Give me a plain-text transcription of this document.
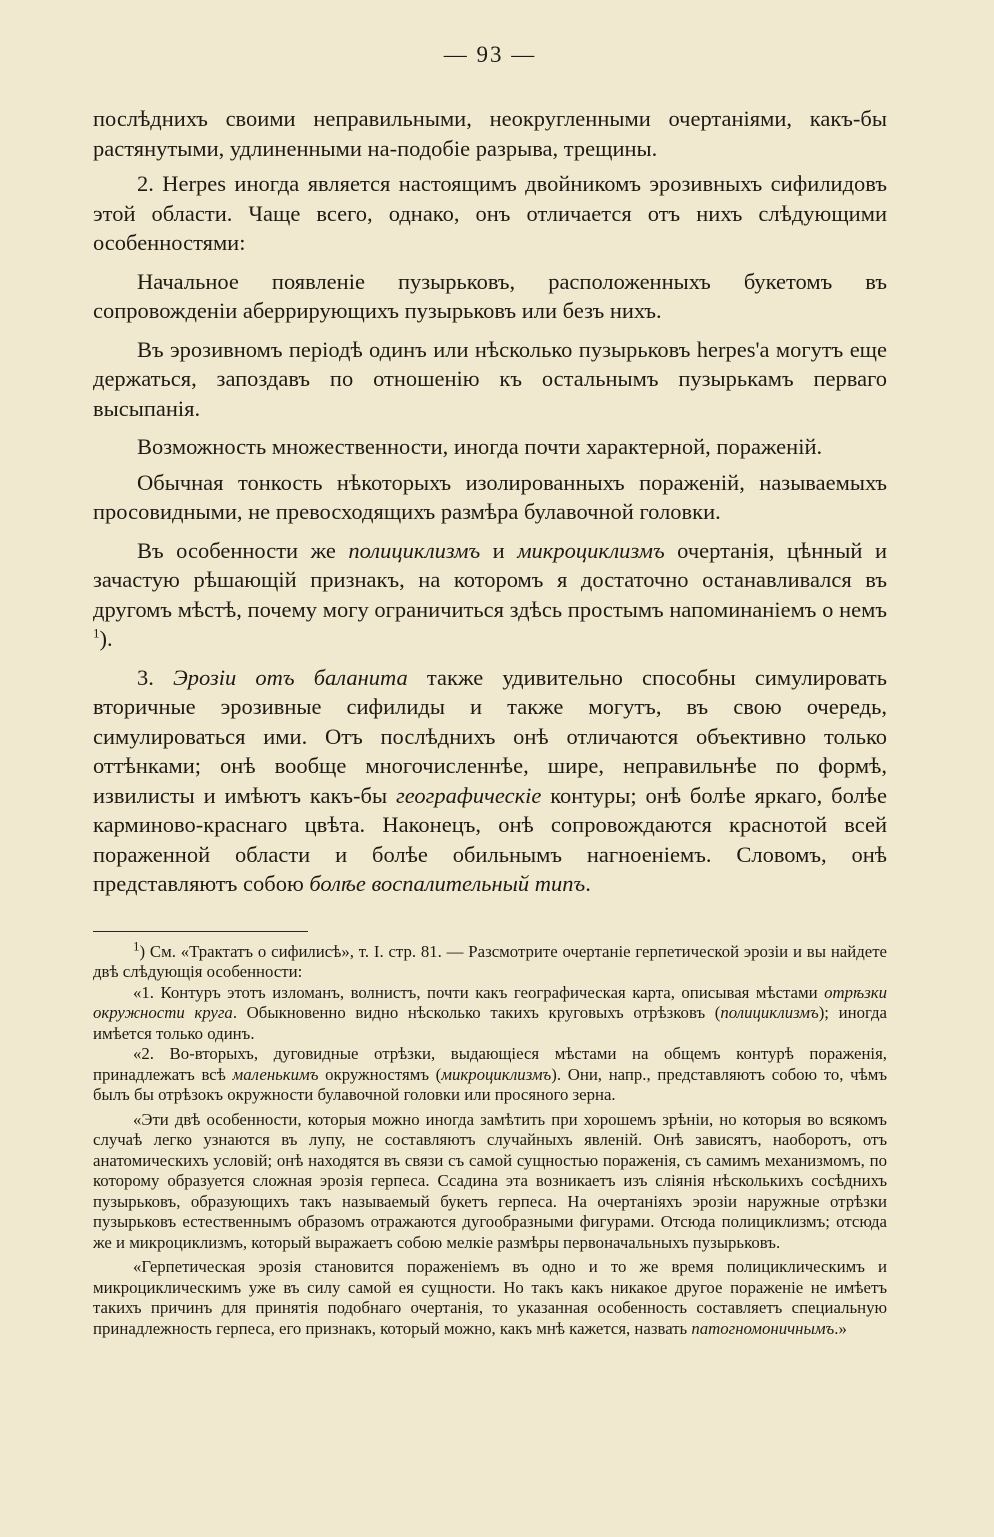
— 93 —

послѣднихъ своими неправильными, неокругленными очертаніями, какъ-бы растянутыми, удлиненными на-подобіе разрыва, трещины.

2. Herpes иногда является настоящимъ двойникомъ эрозивныхъ сифилидовъ этой области. Чаще всего, однако, онъ отличается отъ нихъ слѣдующими особенностями:

Начальное появленіе пузырьковъ, расположенныхъ букетомъ въ сопровожденіи аберрирующихъ пузырьковъ или безъ нихъ.

Въ эрозивномъ періодѣ одинъ или нѣсколько пузырьковъ herpes'а могутъ еще держаться, запоздавъ по отношенію къ остальнымъ пузырькамъ перваго высыпанія.

Возможность множественности, иногда почти характерной, пораженій.

Обычная тонкость нѣкоторыхъ изолированныхъ пораженій, называемыхъ просовидными, не превосходящихъ размѣра булавочной головки.

Въ особенности же полициклизмъ и микроциклизмъ очертанія, цѣнный и зачастую рѣшающій признакъ, на которомъ я достаточно останавливался въ другомъ мѣстѣ, почему могу ограничиться здѣсь простымъ напоминаніемъ о немъ $^1$).

3. Эрозіи отъ баланита также удивительно способны симулировать вторичные эрозивные сифилиды и также могутъ, въ свою очередь, симулироваться ими. Отъ послѣднихъ онѣ отличаются объективно только оттѣнками; онѣ вообще многочисленнѣе, шире, неправильнѣе по формѣ, извилисты и имѣютъ какъ-бы географическіе контуры; онѣ болѣе яркаго, болѣе карминово-краснаго цвѣта. Наконецъ, онѣ сопровождаются краснотой всей пораженной области и болѣе обильнымъ нагноеніемъ. Словомъ, онѣ представляютъ собою болѣе воспалительный типъ.

$^1$) См. «Трактатъ о сифилисѣ», т. I. стр. 81. — Разсмотрите очертаніе герпетической эрозіи и вы найдете двѣ слѣдующія особенности:

«1. Контуръ этотъ изломанъ, волнистъ, почти какъ географическая карта, описывая мѣстами отрѣзки окружности круга. Обыкновенно видно нѣсколько такихъ круговыхъ отрѣзковъ (полициклизмъ); иногда имѣется только одинъ.

«2. Во-вторыхъ, дуговидные отрѣзки, выдающіеся мѣстами на общемъ контурѣ пораженія, принадлежатъ всѣ маленькимъ окружностямъ (микроциклизмъ). Они, напр., представляютъ собою то, чѣмъ былъ бы отрѣзокъ окружности булавочной головки или просяного зерна.

«Эти двѣ особенности, которыя можно иногда замѣтить при хорошемъ зрѣніи, но которыя во всякомъ случаѣ легко узнаются въ лупу, не составляютъ случайныхъ явленій. Онѣ зависятъ, наоборотъ, отъ анатомическихъ условій; онѣ находятся въ связи съ самой сущностью пораженія, съ самимъ механизмомъ, по которому образуется сложная эрозія герпеса. Ссадина эта возникаетъ изъ сліянія нѣсколькихъ сосѣднихъ пузырьковъ, образующихъ такъ называемый букетъ герпеса. На очертаніяхъ эрозіи наружные отрѣзки пузырьковъ естественнымъ образомъ отражаются дугообразными фигурами. Отсюда полициклизмъ; отсюда же и микроциклизмъ, который выражаетъ собою мелкіе размѣры первоначальныхъ пузырьковъ.

«Герпетическая эрозія становится пораженіемъ въ одно и то же время полициклическимъ и микроциклическимъ уже въ силу самой ея сущности. Но такъ какъ никакое другое пораженіе не имѣетъ такихъ причинъ для принятія подобнаго очертанія, то указанная особенность составляетъ специальную принадлежность герпеса, его признакъ, который можно, какъ мнѣ кажется, назвать патогномоничнымъ.»
